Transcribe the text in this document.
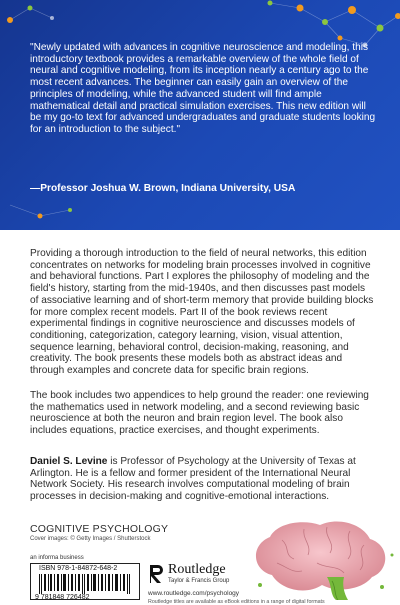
"Newly updated with advances in cognitive neuroscience and modeling, this introductory textbook provides a remarkable overview of the whole field of neural and cognitive modeling, from its inception nearly a century ago to the most recent advances. The beginner can easily gain an overview of the principles of modeling, while the advanced student will find ample mathematical detail and practical simulation exercises. This new edition will be my go-to text for advanced undergraduates and graduate students looking for an introduction to the subject."

—Professor Joshua W. Brown, Indiana University, USA

Providing a thorough introduction to the field of neural networks, this edition concentrates on networks for modeling brain processes involved in cognitive and behavioral functions. Part I explores the philosophy of modeling and the field's history, starting from the mid-1940s, and then discusses past models of associative learning and of short-term memory that provide building blocks for more complex recent models. Part II of the book reviews recent experimental findings in cognitive neuroscience and discusses models of conditioning, categorization, category learning, vision, visual attention, sequence learning, behavioral control, decision-making, reasoning, and creativity. The book presents these models both as abstract ideas and through examples and concrete data for specific brain regions.

The book includes two appendices to help ground the reader: one reviewing the mathematics used in network modeling, and a second reviewing basic neuroscience at both the neuron and brain region level. The book also includes equations, practice exercises, and thought experiments.

Daniel S. Levine is Professor of Psychology at the University of Texas at Arlington. He is a fellow and former president of the International Neural Network Society. His research involves computational modeling of brain processes in decision-making and cognitive-emotional interactions.

COGNITIVE PSYCHOLOGY

Cover images: © Getty Images / Shutterstock

an informa business

ISBN 978-1-84872-648-2

9 781848 726482

Routledge

Taylor & Francis Group

www.routledge.com/psychology

Routledge titles are available as eBook editions in a range of digital formats
